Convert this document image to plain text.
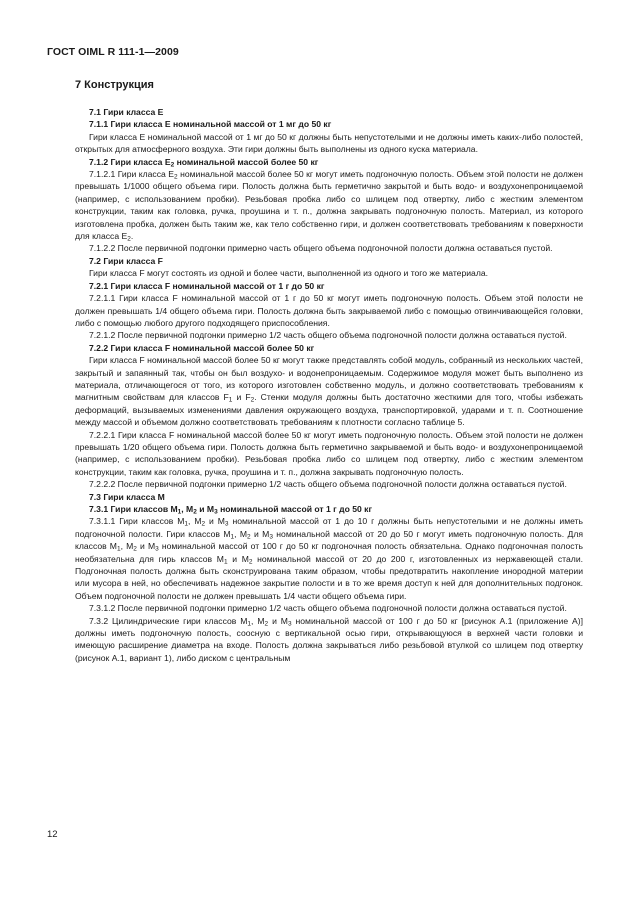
ГОСТ OIML R 111-1—2009
7 Конструкция
7.1 Гири класса Е
7.1.1 Гири класса Е номинальной массой от 1 мг до 50 кг
Гири класса Е номинальной массой от 1 мг до 50 кг должны быть непустотелыми и не должны иметь каких-либо полостей, открытых для атмосферного воздуха. Эти гири должны быть выполнены из одного куска материала.
7.1.2 Гири класса $Е_2$ номинальной массой более 50 кг
7.1.2.1 Гири класса $Е_2$ номинальной массой более 50 кг могут иметь подгоночную полость. Объем этой полости не должен превышать 1/1000 общего объема гири. Полость должна быть герметично закрытой и быть водо- и воздухонепроницаемой (например, с использованием пробки). Резьбовая пробка либо со шлицем под отвертку, либо с жестким элементом конструкции, таким как головка, ручка, проушина и т. п., должна закрывать подгоночную полость. Материал, из которого изготовлена пробка, должен быть таким же, как тело собственно гири, и должен соответствовать требованиям к поверхности для класса $Е_2$.
7.1.2.2 После первичной подгонки примерно часть общего объема подгоночной полости должна оставаться пустой.
7.2 Гири класса F
Гири класса F могут состоять из одной и более части, выполненной из одного и того же материала.
7.2.1 Гири класса F номинальной массой от 1 г до 50 кг
7.2.1.1 Гири класса F номинальной массой от 1 г до 50 кг могут иметь подгоночную полость. Объем этой полости не должен превышать 1/4 общего объема гири. Полость должна быть закрываемой либо с помощью отвинчивающейся головки, либо с помощью любого другого подходящего приспособления.
7.2.1.2 После первичной подгонки примерно 1/2 часть общего объема подгоночной полости должна оставаться пустой.
7.2.2 Гири класса F номинальной массой более 50 кг
Гири класса F номинальной массой более 50 кг могут также представлять собой модуль, собранный из нескольких частей, закрытый и запаянный так, чтобы он был воздухо- и водонепроницаемым. Содержимое модуля может быть выполнено из материала, отличающегося от того, из которого изготовлен собственно модуль, и должно соответствовать требованиям к магнитным свойствам для классов $F_1$ и $F_2$. Стенки модуля должны быть достаточно жесткими для того, чтобы избежать деформаций, вызываемых изменениями давления окружающего воздуха, транспортировкой, ударами и т. п. Соотношение между массой и объемом должно соответствовать требованиям к плотности согласно таблице 5.
7.2.2.1 Гири класса F номинальной массой более 50 кг могут иметь подгоночную полость. Объем этой полости не должен превышать 1/20 общего объема гири. Полость должна быть герметично закрываемой и быть водо- и воздухонепроницаемой (например, с использованием пробки). Резьбовая пробка либо со шлицем под отвертку, либо с жестким элементом конструкции, таким как головка, ручка, проушина и т. п., должна закрывать подгоночную полость.
7.2.2.2 После первичной подгонки примерно 1/2 часть общего объема подгоночной полости должна оставаться пустой.
7.3 Гири класса М
7.3.1 Гири классов $М_1$, $М_2$ и $М_3$ номинальной массой от 1 г до 50 кг
7.3.1.1 Гири классов $М_1$, $М_2$ и $М_3$ номинальной массой от 1 до 10 г должны быть непустотелыми и не должны иметь подгоночной полости. Гири классов $М_1$, $М_2$ и $М_3$ номинальной массой от 20 до 50 г могут иметь подгоночную полость. Для классов $М_1$, $М_2$ и $М_3$ номинальной массой от 100 г до 50 кг подгоночная полость обязательна. Однако подгоночная полость необязательна для гирь классов $М_1$ и $М_2$ номинальной массой от 20 до 200 г, изготовленных из нержавеющей стали. Подгоночная полость должна быть сконструирована таким образом, чтобы предотвратить накопление инородной материи или мусора в ней, но обеспечивать надежное закрытие полости и в то же время доступ к ней для дополнительных подгонок. Объем подгоночной полости не должен превышать 1/4 части общего объема гири.
7.3.1.2 После первичной подгонки примерно 1/2 часть общего объема подгоночной полости должна оставаться пустой.
7.3.2 Цилиндрические гири классов $М_1$, $М_2$ и $М_3$ номинальной массой от 100 г до 50 кг [рисунок А.1 (приложение А)] должны иметь подгоночную полость, соосную с вертикальной осью гири, открывающуюся в верхней части головки и имеющую расширение диаметра на входе. Полость должна закрываться либо резьбовой втулкой со шлицем под отвертку (рисунок А.1, вариант 1), либо диском с центральным
12
